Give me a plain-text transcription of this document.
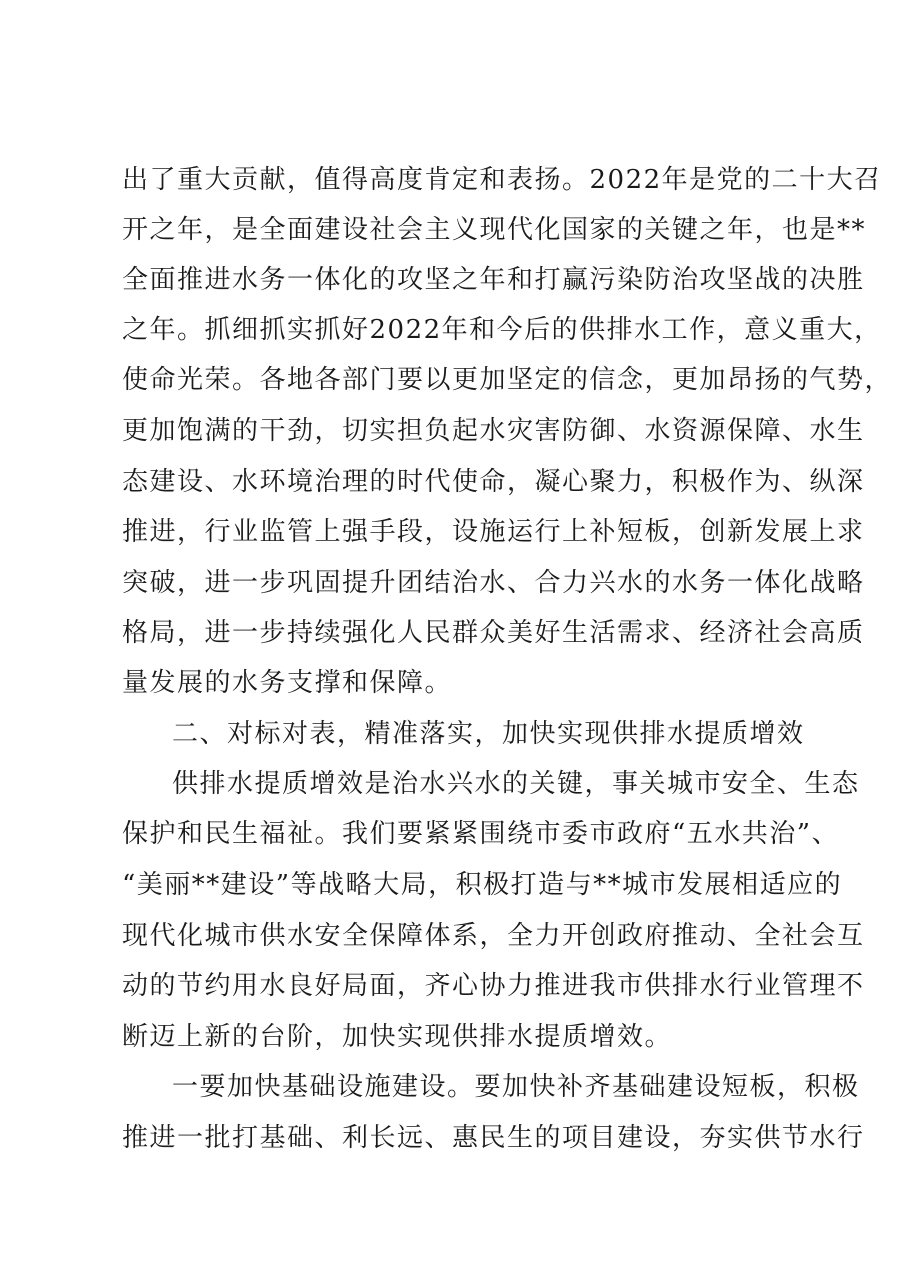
出了重大贡献，值得高度肯定和表扬。2022年是党的二十大召
开之年，是全面建设社会主义现代化国家的关键之年，也是**
全面推进水务一体化的攻坚之年和打赢污染防治攻坚战的决胜
之年。抓细抓实抓好2022年和今后的供排水工作，意义重大，
使命光荣。各地各部门要以更加坚定的信念，更加昂扬的气势，
更加饱满的干劲，切实担负起水灾害防御、水资源保障、水生
态建设、水环境治理的时代使命，凝心聚力，积极作为、纵深
推进，行业监管上强手段，设施运行上补短板，创新发展上求
突破，进一步巩固提升团结治水、合力兴水的水务一体化战略
格局，进一步持续强化人民群众美好生活需求、经济社会高质
量发展的水务支撑和保障。
二、对标对表，精准落实，加快实现供排水提质增效
供排水提质增效是治水兴水的关键，事关城市安全、生态
保护和民生福祉。我们要紧紧围绕市委市政府“五水共治”、
“美丽**建设”等战略大局，积极打造与**城市发展相适应的
现代化城市供水安全保障体系，全力开创政府推动、全社会互
动的节约用水良好局面，齐心协力推进我市供排水行业管理不
断迈上新的台阶，加快实现供排水提质增效。
一要加快基础设施建设。要加快补齐基础建设短板，积极
推进一批打基础、利长远、惠民生的项目建设，夯实供节水行
